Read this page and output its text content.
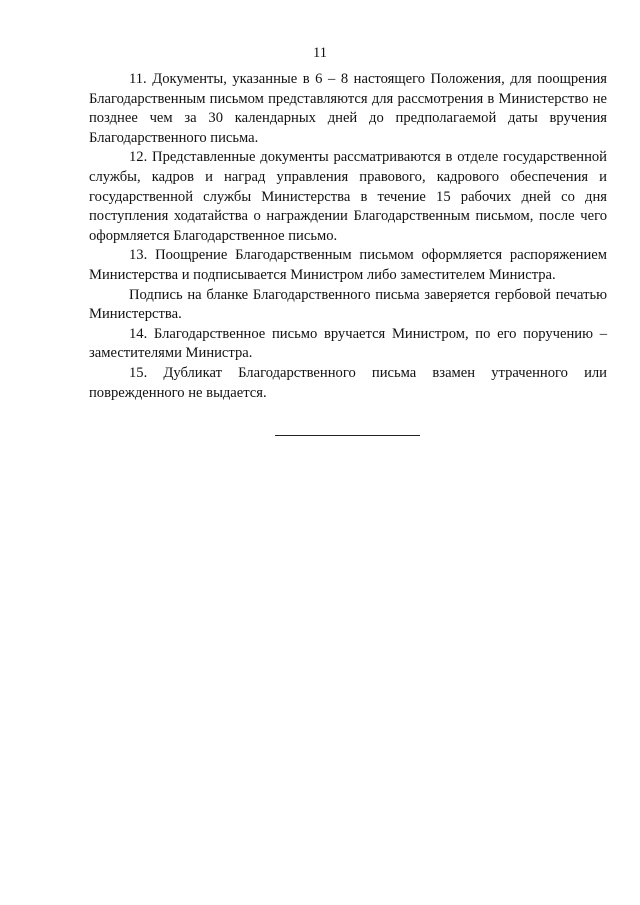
11

11. Документы, указанные в 6 – 8 настоящего Положения, для поощрения Благодарственным письмом представляются для рассмотрения в Министерство не позднее чем за 30 календарных дней до предполагаемой даты вручения Благодарственного письма.

12. Представленные документы рассматриваются в отделе государственной службы, кадров и наград управления правового, кадрового обеспечения и государственной службы Министерства в течение 15 рабочих дней со дня поступления ходатайства о награждении Благодарственным письмом, после чего оформляется Благодарственное письмо.

13. Поощрение Благодарственным письмом оформляется распоряжением Министерства и подписывается Министром либо заместителем Министра.

Подпись на бланке Благодарственного письма заверяется гербовой печатью Министерства.

14. Благодарственное письмо вручается Министром, по его поручению – заместителями Министра.

15. Дубликат Благодарственного письма взамен утраченного или поврежденного не выдается.
